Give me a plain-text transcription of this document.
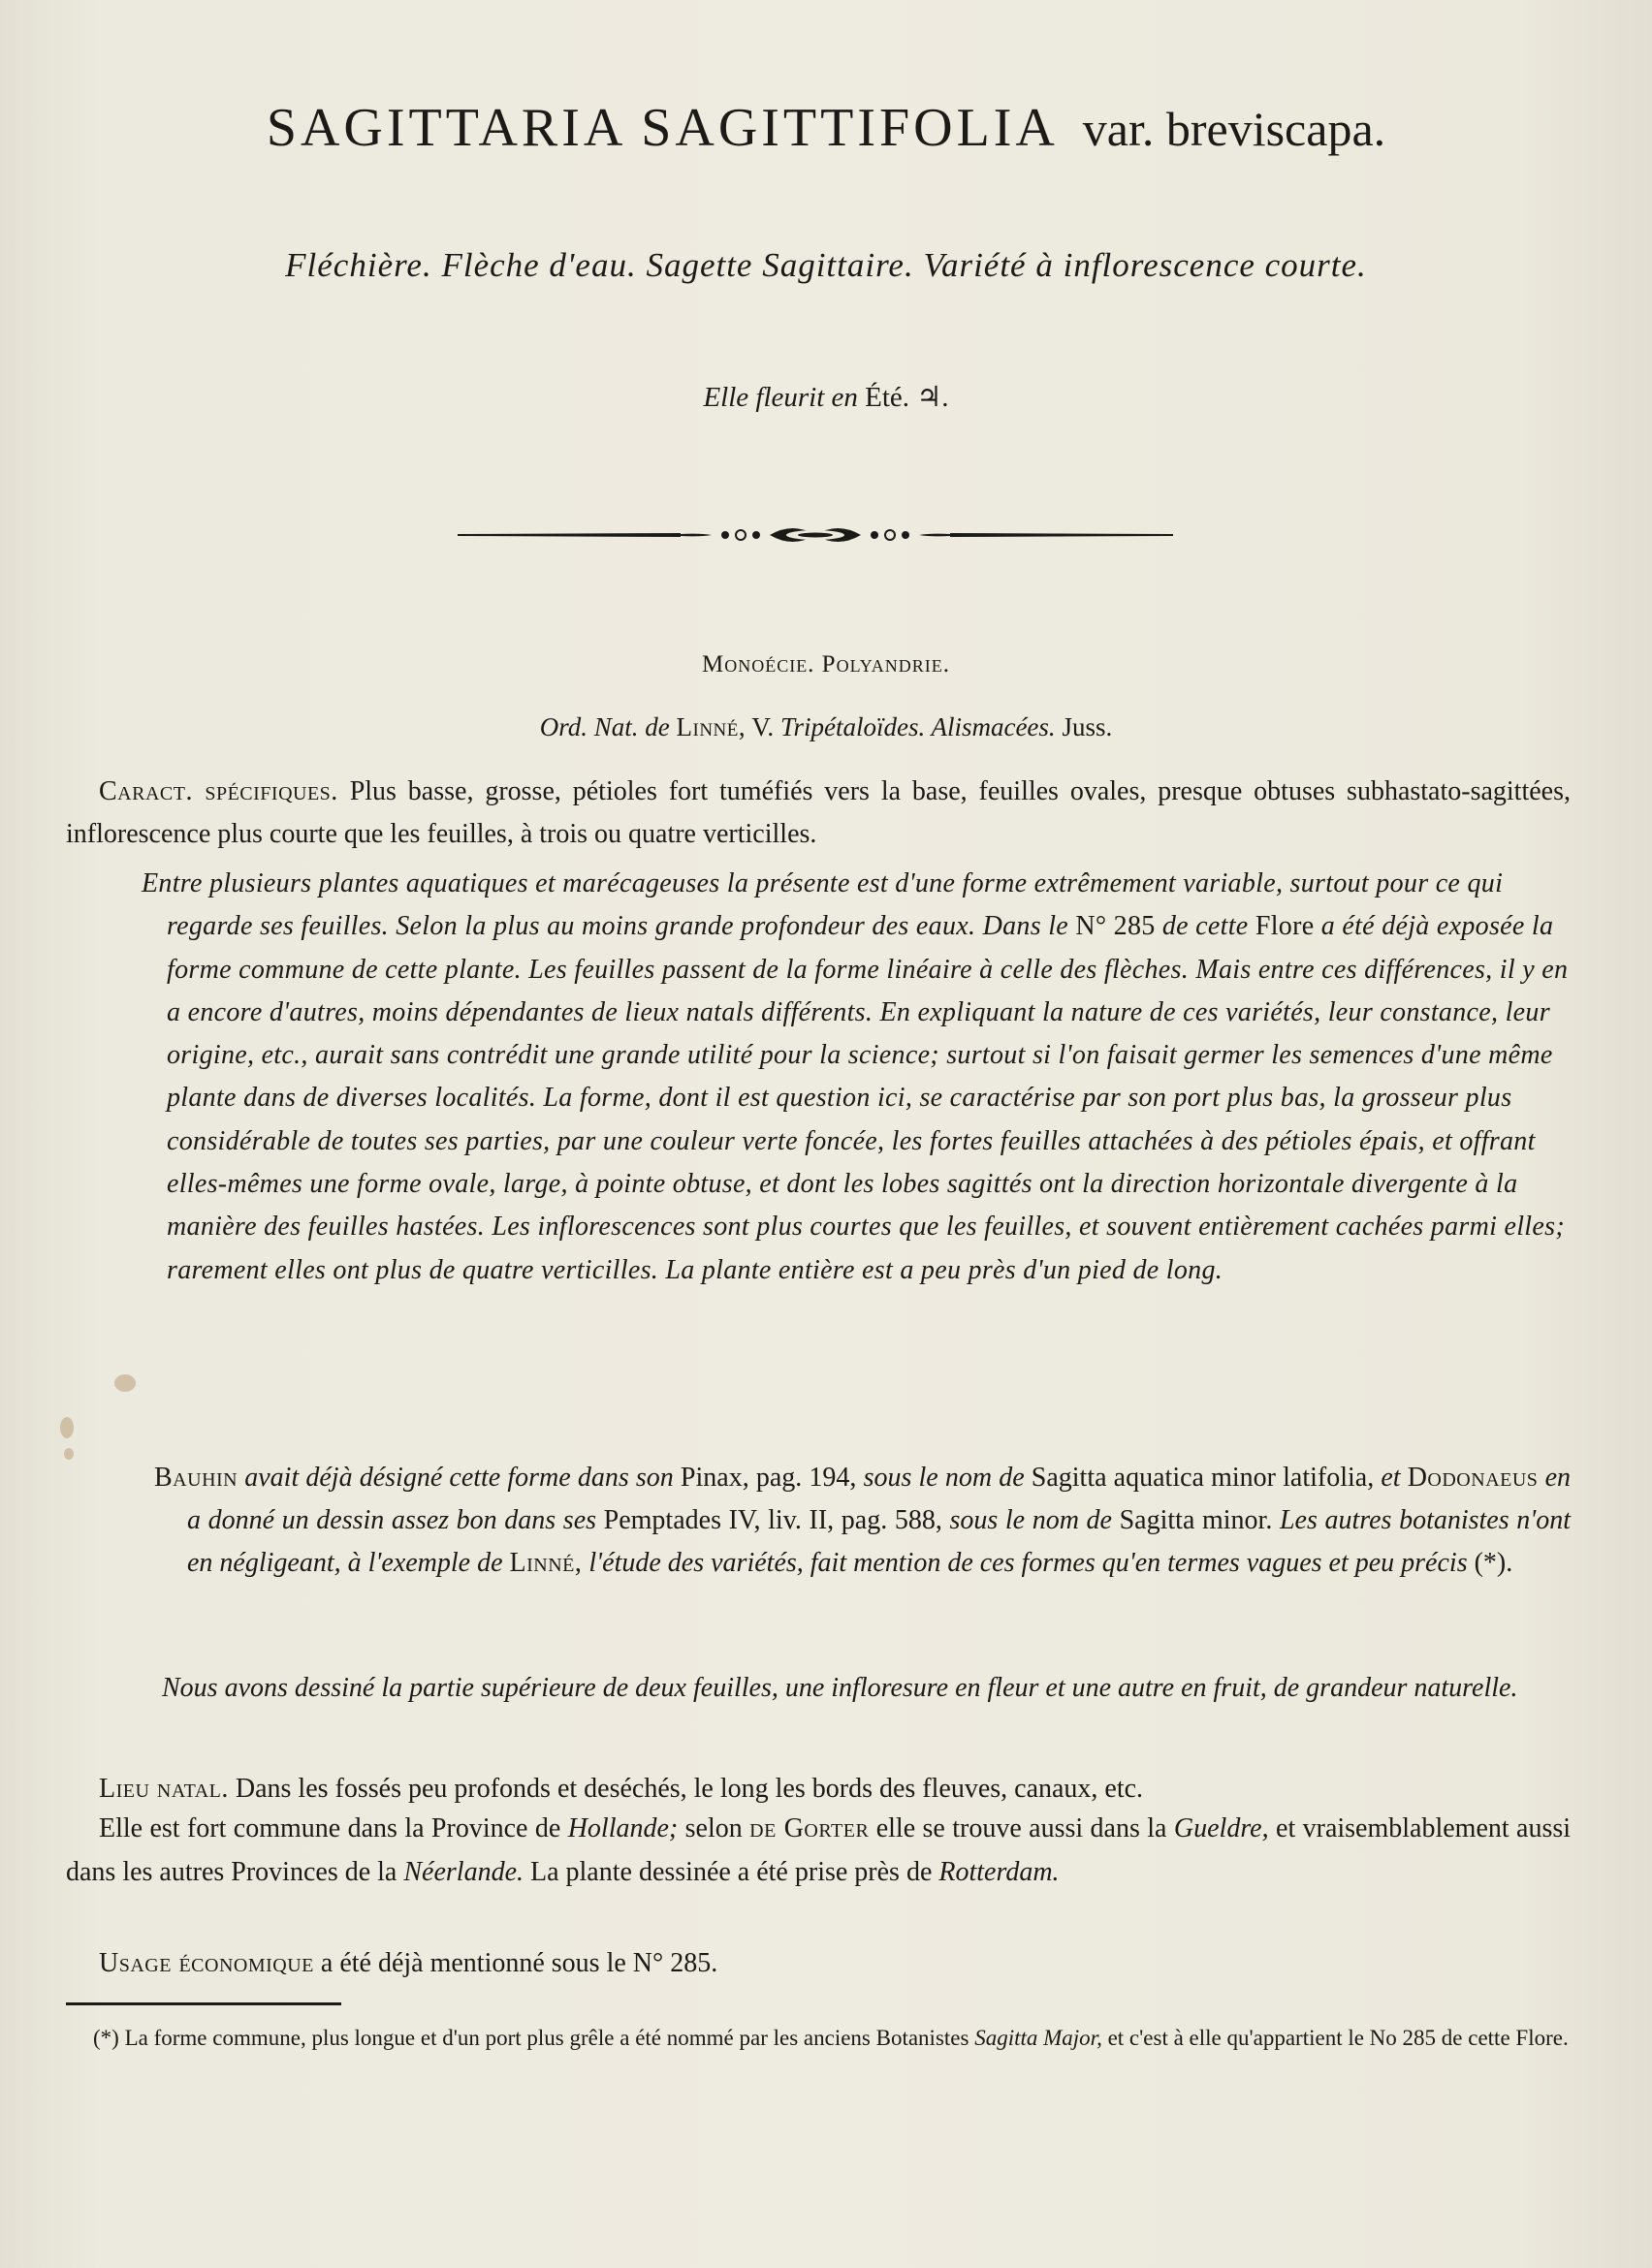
SAGITTARIA SAGITTIFOLIA var. breviscapa.
Fléchière. Flèche d'eau. Sagette Sagittaire. Variété à inflorescence courte.
Elle fleurit en Été. ♃.
Monoécie. Polyandrie.
Ord. Nat. de Linné, V. Tripétaloïdes. Alismacées. Juss.

Caract. spécifiques. Plus basse, grosse, pétioles fort tuméfiés vers la base, feuilles ovales, presque obtuses subhastato-sagittées, inflorescence plus courte que les feuilles, à trois ou quatre verticilles.

Entre plusieurs plantes aquatiques et marécageuses la présente est d'une forme extrêmement variable, surtout pour ce qui regarde ses feuilles. Selon la plus au moins grande profondeur des eaux. Dans le N° 285 de cette Flore a été déjà exposée la forme commune de cette plante. Les feuilles passent de la forme linéaire à celle des flèches. Mais entre ces différences, il y en a encore d'autres, moins dépendantes de lieux natals différents. En expliquant la nature de ces variétés, leur constance, leur origine, etc., aurait sans contrédit une grande utilité pour la science; surtout si l'on faisait germer les semences d'une même plante dans de diverses localités. La forme, dont il est question ici, se caractérise par son port plus bas, la grosseur plus considérable de toutes ses parties, par une couleur verte foncée, les fortes feuilles attachées à des pétioles épais, et offrant elles-mêmes une forme ovale, large, à pointe obtuse, et dont les lobes sagittés ont la direction horizontale divergente à la manière des feuilles hastées. Les inflorescences sont plus courtes que les feuilles, et souvent entièrement cachées parmi elles; rarement elles ont plus de quatre verticilles. La plante entière est a peu près d'un pied de long.

Bauhin avait déjà désigné cette forme dans son Pinax, pag. 194, sous le nom de Sagitta aquatica minor latifolia, et Dodonaeus en a donné un dessin assez bon dans ses Pemptades IV, liv. II, pag. 588, sous le nom de Sagitta minor. Les autres botanistes n'ont en négligeant, à l'exemple de Linné, l'étude des variétés, fait mention de ces formes qu'en termes vagues et peu précis (*).

Nous avons dessiné la partie supérieure de deux feuilles, une infloresure en fleur et une autre en fruit, de grandeur naturelle.

Lieu natal. Dans les fossés peu profonds et deséchés, le long les bords des fleuves, canaux, etc.

Elle est fort commune dans la Province de Hollande; selon de Gorter elle se trouve aussi dans la Gueldre, et vraisemblablement aussi dans les autres Provinces de la Néerlande. La plante dessinée a été prise près de Rotterdam.

Usage économique a été déjà mentionné sous le N° 285.

(*) La forme commune, plus longue et d'un port plus grêle a été nommé par les anciens Botanistes Sagitta Major, et c'est à elle qu'appartient le No 285 de cette Flore.
